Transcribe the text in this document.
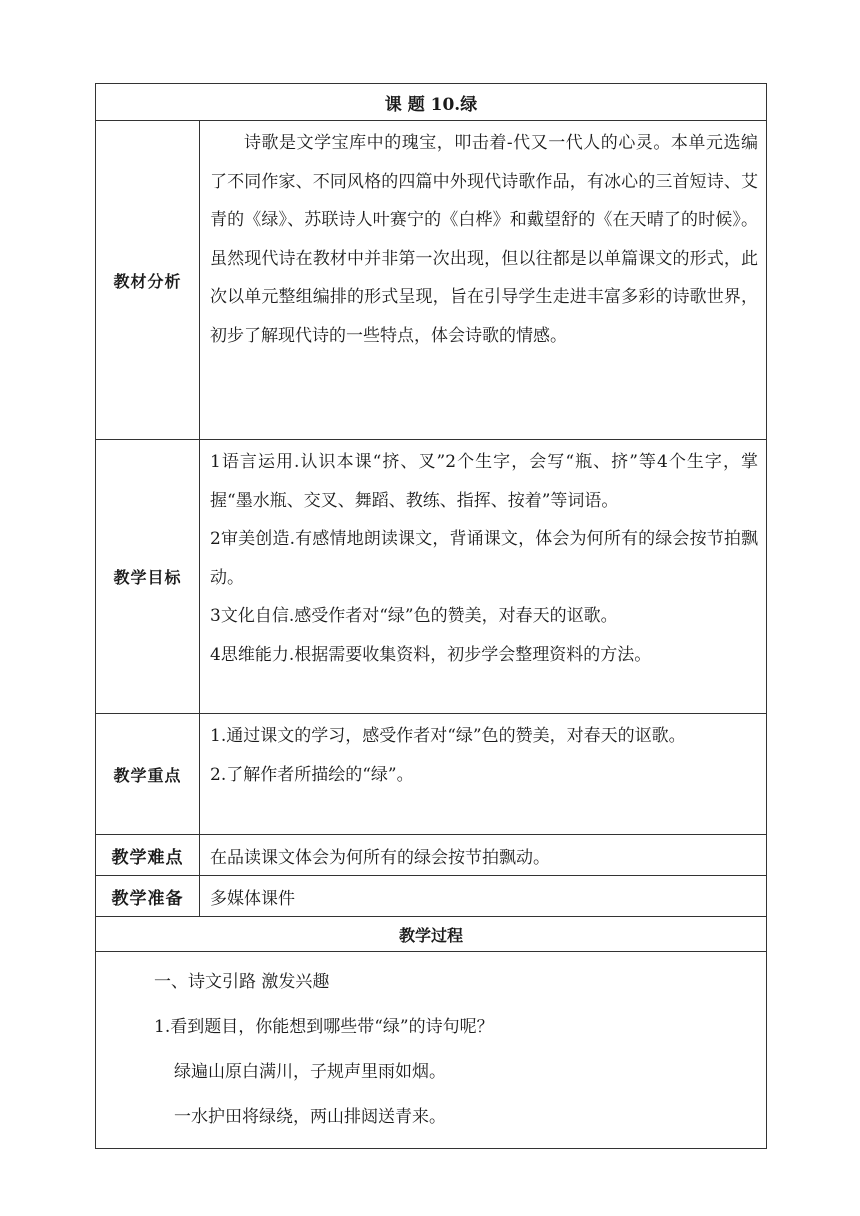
课 题 10.绿	
教材分析	诗歌是文学宝库中的瑰宝，叩击着-代又一代人的心灵。本单元选编了不同作家、不同风格的四篇中外现代诗歌作品，有冰心的三首短诗、艾青的《绿》、苏联诗人叶赛宁的《白桦》和戴望舒的《在天晴了的时候》。虽然现代诗在教材中并非第一次出现，但以往都是以单篇课文的形式，此次以单元整组编排的形式呈现，旨在引导学生走进丰富多彩的诗歌世界，初步了解现代诗的一些特点，体会诗歌的情感。

教学目标	1语言运用.认识本课“挤、叉”2个生字，会写“瓶、挤”等4个生字，掌握“墨水瓶、交叉、舞蹈、教练、指挥、按着”等词语。

2审美创造.有感情地朗读课文，背诵课文，体会为何所有的绿会按节拍飘动。

3文化自信.感受作者对“绿”色的赞美，对春天的讴歌。

4思维能力.根据需要收集资料，初步学会整理资料的方法。

教学重点	1.通过课文的学习，感受作者对“绿”色的赞美，对春天的讴歌。

2.了解作者所描绘的“绿”。

教学难点	在品读课文体会为何所有的绿会按节拍飘动。
教学准备	多媒体课件
教学过程	

一、诗文引路 激发兴趣

1.看到题目，你能想到哪些带“绿”的诗句呢？

绿遍山原白满川，子规声里雨如烟。

一水护田将绿绕，两山排闼送青来。	
